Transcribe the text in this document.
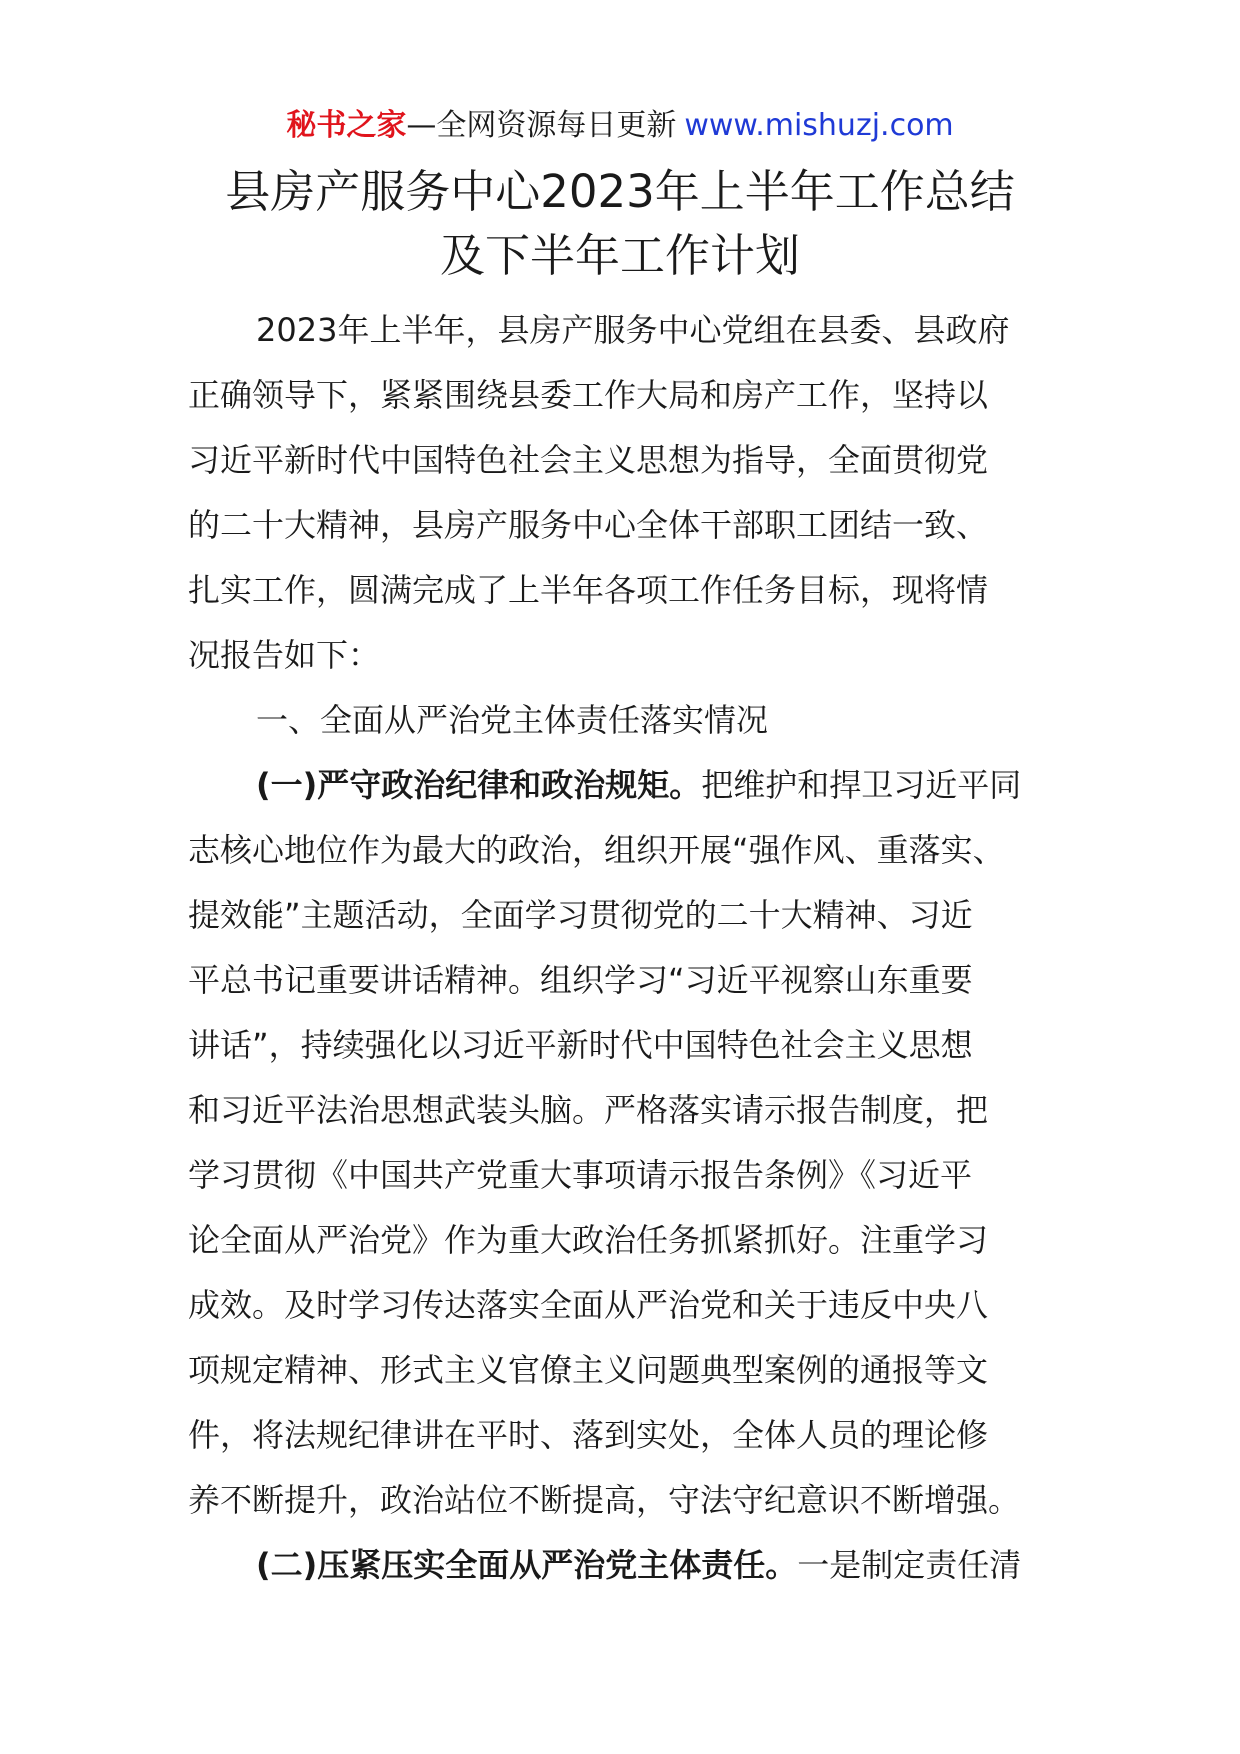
秘书之家—全网资源每日更新 www.mishuzj.com
县房产服务中心2023年上半年工作总结
及下半年工作计划
2023年上半年，县房产服务中心党组在县委、县政府
正确领导下，紧紧围绕县委工作大局和房产工作，坚持以
习近平新时代中国特色社会主义思想为指导，全面贯彻党
的二十大精神，县房产服务中心全体干部职工团结一致、
扎实工作，圆满完成了上半年各项工作任务目标，现将情
况报告如下：
一、全面从严治党主体责任落实情况
(一)严守政治纪律和政治规矩。把维护和捍卫习近平同
志核心地位作为最大的政治，组织开展“强作风、重落实、
提效能”主题活动，全面学习贯彻党的二十大精神、习近
平总书记重要讲话精神。组织学习“习近平视察山东重要
讲话”，持续强化以习近平新时代中国特色社会主义思想
和习近平法治思想武装头脑。严格落实请示报告制度，把
学习贯彻《中国共产党重大事项请示报告条例》《习近平
论全面从严治党》作为重大政治任务抓紧抓好。注重学习
成效。及时学习传达落实全面从严治党和关于违反中央八
项规定精神、形式主义官僚主义问题典型案例的通报等文
件，将法规纪律讲在平时、落到实处，全体人员的理论修
养不断提升，政治站位不断提高，守法守纪意识不断增强。
(二)压紧压实全面从严治党主体责任。一是制定责任清
